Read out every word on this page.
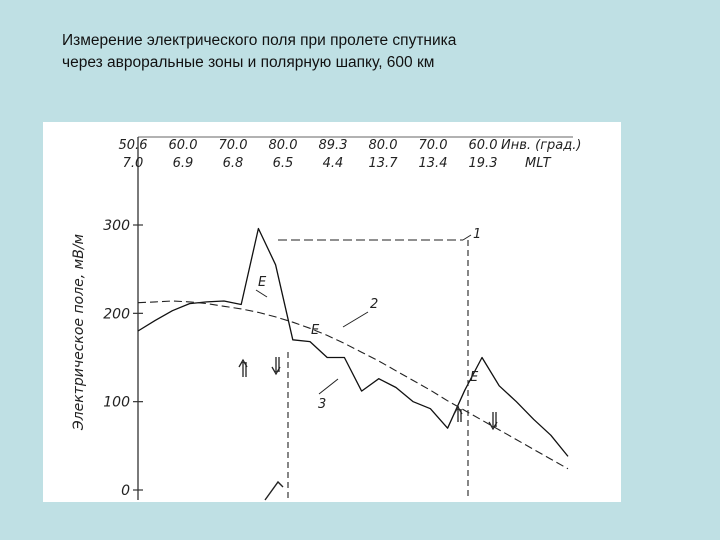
Измерение электрического поля при пролете спутника
через авроральные зоны и полярную шапку, 600 км
Инв. (град.)
MLT
50.6
7.0
60.0
6.9
70.0
6.8
80.0
6.5
89.3
4.4
80.0
13.7
70.0
13.4
60.0
19.3
Электрическое поле, мВ/м
0
100
200
300
1
2
3
E
E
E
